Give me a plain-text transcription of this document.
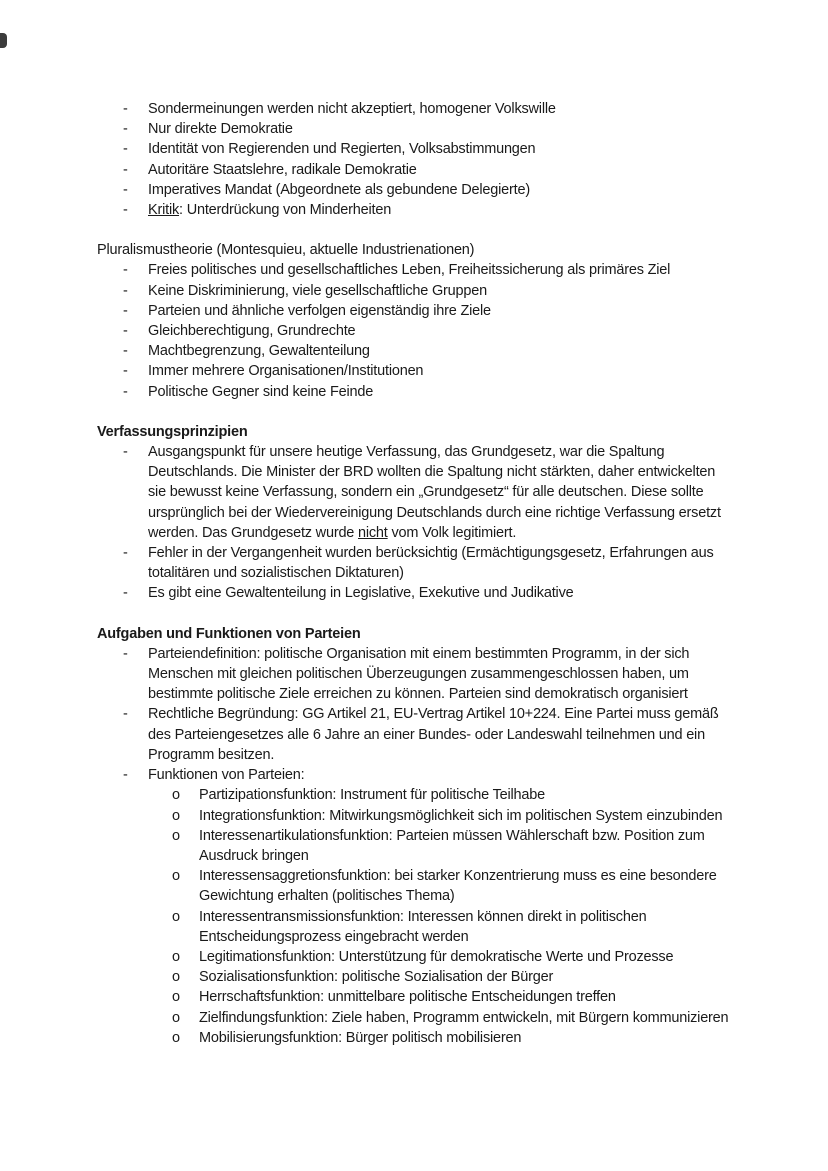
-	Sondermeinungen werden nicht akzeptiert, homogener Volkswille
-	Nur direkte Demokratie
-	Identität von Regierenden und Regierten, Volksabstimmungen
-	Autoritäre Staatslehre, radikale Demokratie
-	Imperatives Mandat (Abgeordnete als gebundene Delegierte)
-	Kritik: Unterdrückung von Minderheiten
Pluralismustheorie (Montesquieu, aktuelle Industrienationen)
-	Freies politisches und gesellschaftliches Leben, Freiheitssicherung als primäres Ziel
-	Keine Diskriminierung, viele gesellschaftliche Gruppen
-	Parteien und ähnliche verfolgen eigenständig ihre Ziele
-	Gleichberechtigung, Grundrechte
-	Machtbegrenzung, Gewaltenteilung
-	Immer mehrere Organisationen/Institutionen
-	Politische Gegner sind keine Feinde
Verfassungsprinzipien
-	Ausgangspunkt für unsere heutige Verfassung, das Grundgesetz, war die Spaltung Deutschlands. Die Minister der BRD wollten die Spaltung nicht stärkten, daher entwickelten sie bewusst keine Verfassung, sondern ein „Grundgesetz“ für alle deutschen. Diese sollte ursprünglich bei der Wiedervereinigung Deutschlands durch eine richtige Verfassung ersetzt werden. Das Grundgesetz wurde nicht vom Volk legitimiert.
-	Fehler in der Vergangenheit wurden berücksichtig (Ermächtigungsgesetz, Erfahrungen aus totalitären und sozialistischen Diktaturen)
-	Es gibt eine Gewaltenteilung in Legislative, Exekutive und Judikative
Aufgaben und Funktionen von Parteien
-	Parteiendefinition: politische Organisation mit einem bestimmten Programm, in der sich Menschen mit gleichen politischen Überzeugungen zusammengeschlossen haben, um bestimmte politische Ziele erreichen zu können. Parteien sind demokratisch organisiert
-	Rechtliche Begründung: GG Artikel 21, EU-Vertrag Artikel 10+224. Eine Partei muss gemäß des Parteiengesetzes alle 6 Jahre an einer Bundes- oder Landeswahl teilnehmen und ein Programm besitzen.
-	Funktionen von Parteien:
o	Partizipationsfunktion: Instrument für politische Teilhabe
o	Integrationsfunktion: Mitwirkungsmöglichkeit sich im politischen System einzubinden
o	Interessenartikulationsfunktion: Parteien müssen Wählerschaft bzw. Position zum Ausdruck bringen
o	Interessensaggretionsfunktion: bei starker Konzentrierung muss es eine besondere Gewichtung erhalten (politisches Thema)
o	Interessentransmissionsfunktion: Interessen können direkt in politischen Entscheidungsprozess eingebracht werden
o	Legitimationsfunktion: Unterstützung für demokratische Werte und Prozesse
o	Sozialisationsfunktion: politische Sozialisation der Bürger
o	Herrschaftsfunktion: unmittelbare politische Entscheidungen treffen
o	Zielfindungsfunktion: Ziele haben, Programm entwickeln, mit Bürgern kommunizieren
o	Mobilisierungsfunktion: Bürger politisch mobilisieren
